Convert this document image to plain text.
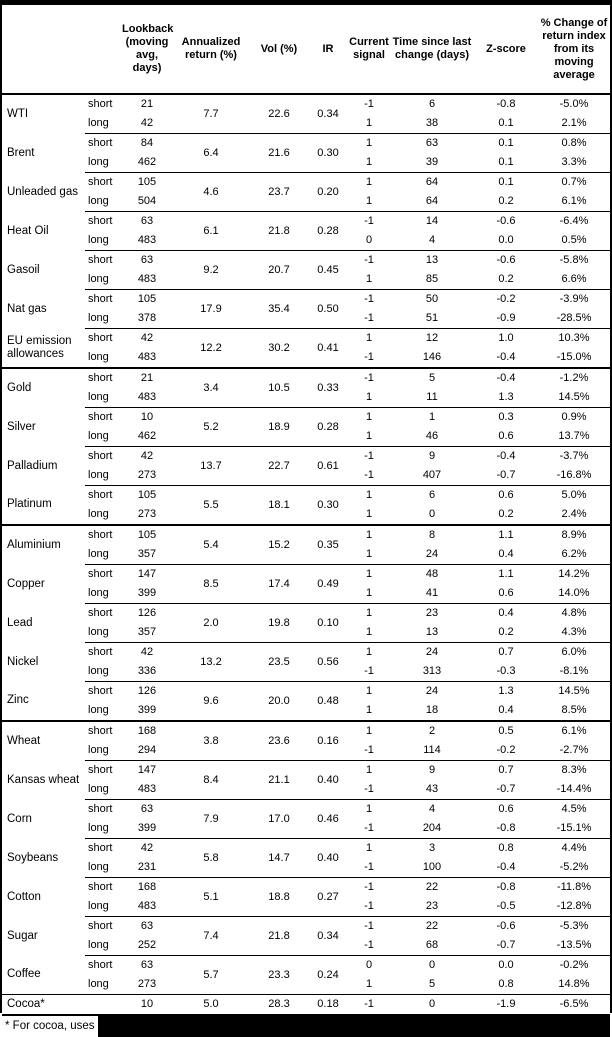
		Lookback (moving avg, days)	Annualized return (%)	Vol (%)	IR	Current signal	Time since last change (days)	Z-score	% Change of return index from its moving average
WTI	short	21	7.7	22.6	0.34	-1	6	-0.8	-5.0%
	long	42				1	38	0.1	2.1%
Brent	short	84	6.4	21.6	0.30	1	63	0.1	0.8%
	long	462				1	39	0.1	3.3%
Unleaded gas	short	105	4.6	23.7	0.20	1	64	0.1	0.7%
	long	504				1	64	0.2	6.1%
Heat Oil	short	63	6.1	21.8	0.28	-1	14	-0.6	-6.4%
	long	483				0	4	0.0	0.5%
Gasoil	short	63	9.2	20.7	0.45	-1	13	-0.6	-5.8%
	long	483				1	85	0.2	6.6%
Nat gas	short	105	17.9	35.4	0.50	-1	50	-0.2	-3.9%
	long	378				-1	51	-0.9	-28.5%
EU emission allowances	short	42	12.2	30.2	0.41	1	12	1.0	10.3%
	long	483				-1	146	-0.4	-15.0%
Gold	short	21	3.4	10.5	0.33	-1	5	-0.4	-1.2%
	long	483				1	11	1.3	14.5%
Silver	short	10	5.2	18.9	0.28	1	1	0.3	0.9%
	long	462				1	46	0.6	13.7%
Palladium	short	42	13.7	22.7	0.61	-1	9	-0.4	-3.7%
	long	273				-1	407	-0.7	-16.8%
Platinum	short	105	5.5	18.1	0.30	1	6	0.6	5.0%
	long	273				1	0	0.2	2.4%
Aluminium	short	105	5.4	15.2	0.35	1	8	1.1	8.9%
	long	357				1	24	0.4	6.2%
Copper	short	147	8.5	17.4	0.49	1	48	1.1	14.2%
	long	399				1	41	0.6	14.0%
Lead	short	126	2.0	19.8	0.10	1	23	0.4	4.8%
	long	357				1	13	0.2	4.3%
Nickel	short	42	13.2	23.5	0.56	1	24	0.7	6.0%
	long	336				-1	313	-0.3	-8.1%
Zinc	short	126	9.6	20.0	0.48	1	24	1.3	14.5%
	long	399				1	18	0.4	8.5%
Wheat	short	168	3.8	23.6	0.16	1	2	0.5	6.1%
	long	294				-1	114	-0.2	-2.7%
Kansas wheat	short	147	8.4	21.1	0.40	1	9	0.7	8.3%
	long	483				-1	43	-0.7	-14.4%
Corn	short	63	7.9	17.0	0.46	1	4	0.6	4.5%
	long	399				-1	204	-0.8	-15.1%
Soybeans	short	42	5.8	14.7	0.40	1	3	0.8	4.4%
	long	231				-1	100	-0.4	-5.2%
Cotton	short	168	5.1	18.8	0.27	-1	22	-0.8	-11.8%
	long	483				-1	23	-0.5	-12.8%
Sugar	short	63	7.4	21.8	0.34	-1	22	-0.6	-5.3%
	long	252				-1	68	-0.7	-13.5%
Coffee	short	63	5.7	23.3	0.24	0	0	0.0	-0.2%
	long	273				1	5	0.8	14.8%
Cocoa*		10	5.0	28.3	0.18	-1	0	-1.9	-6.5%
* For cocoa, uses
